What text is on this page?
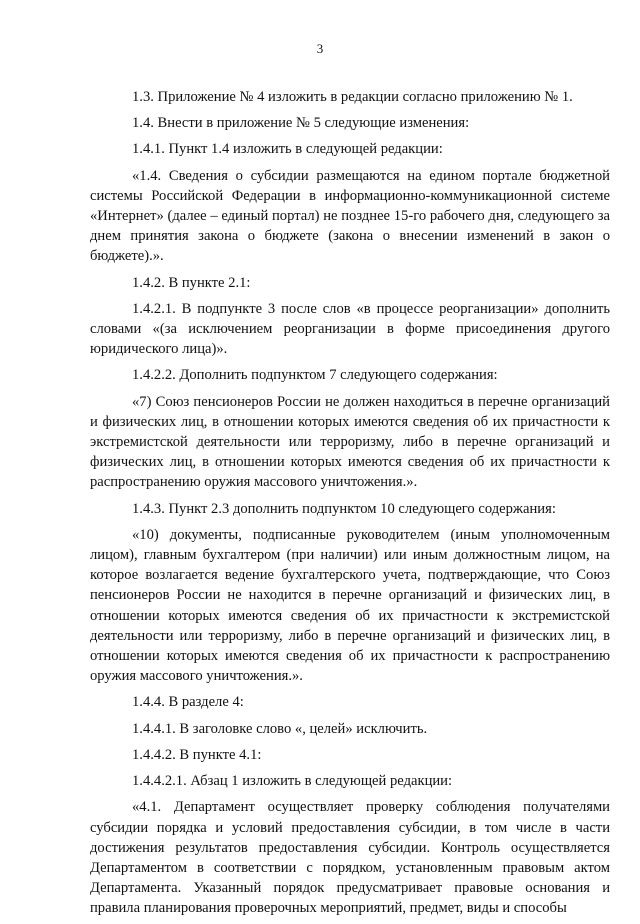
3

1.3. Приложение № 4 изложить в редакции согласно приложению № 1.

1.4. Внести в приложение № 5 следующие изменения:

1.4.1. Пункт 1.4 изложить в следующей редакции:

«1.4. Сведения о субсидии размещаются на едином портале бюджетной системы Российской Федерации в информационно-коммуникационной системе «Интернет» (далее – единый портал) не позднее 15-го рабочего дня, следующего за днем принятия закона о бюджете (закона о внесении изменений в закон о бюджете).».

1.4.2. В пункте 2.1:

1.4.2.1. В подпункте 3 после слов «в процессе реорганизации» дополнить словами «(за исключением реорганизации в форме присоединения другого юридического лица)».

1.4.2.2. Дополнить подпунктом 7 следующего содержания:

«7) Союз пенсионеров России не должен находиться в перечне организаций и физических лиц, в отношении которых имеются сведения об их причастности к экстремистской деятельности или терроризму, либо в перечне организаций и физических лиц, в отношении которых имеются сведения об их причастности к распространению оружия массового уничтожения.».

1.4.3. Пункт 2.3 дополнить подпунктом 10 следующего содержания:

«10) документы, подписанные руководителем (иным уполномоченным лицом), главным бухгалтером (при наличии) или иным должностным лицом, на которое возлагается ведение бухгалтерского учета, подтверждающие, что Союз пенсионеров России не находится в перечне организаций и физических лиц, в отношении которых имеются сведения об их причастности к экстремистской деятельности или терроризму, либо в перечне организаций и физических лиц, в отношении которых имеются сведения об их причастности к распространению оружия массового уничтожения.».

1.4.4. В разделе 4:

1.4.4.1. В заголовке слово «, целей» исключить.

1.4.4.2. В пункте 4.1:

1.4.4.2.1. Абзац 1 изложить в следующей редакции:

«4.1. Департамент осуществляет проверку соблюдения получателями субсидии порядка и условий предоставления субсидии, в том числе в части достижения результатов предоставления субсидии. Контроль осуществляется Департаментом в соответствии с порядком, установленным правовым актом Департамента. Указанный порядок предусматривает правовые основания и правила планирования проверочных мероприятий, предмет, виды и способы
